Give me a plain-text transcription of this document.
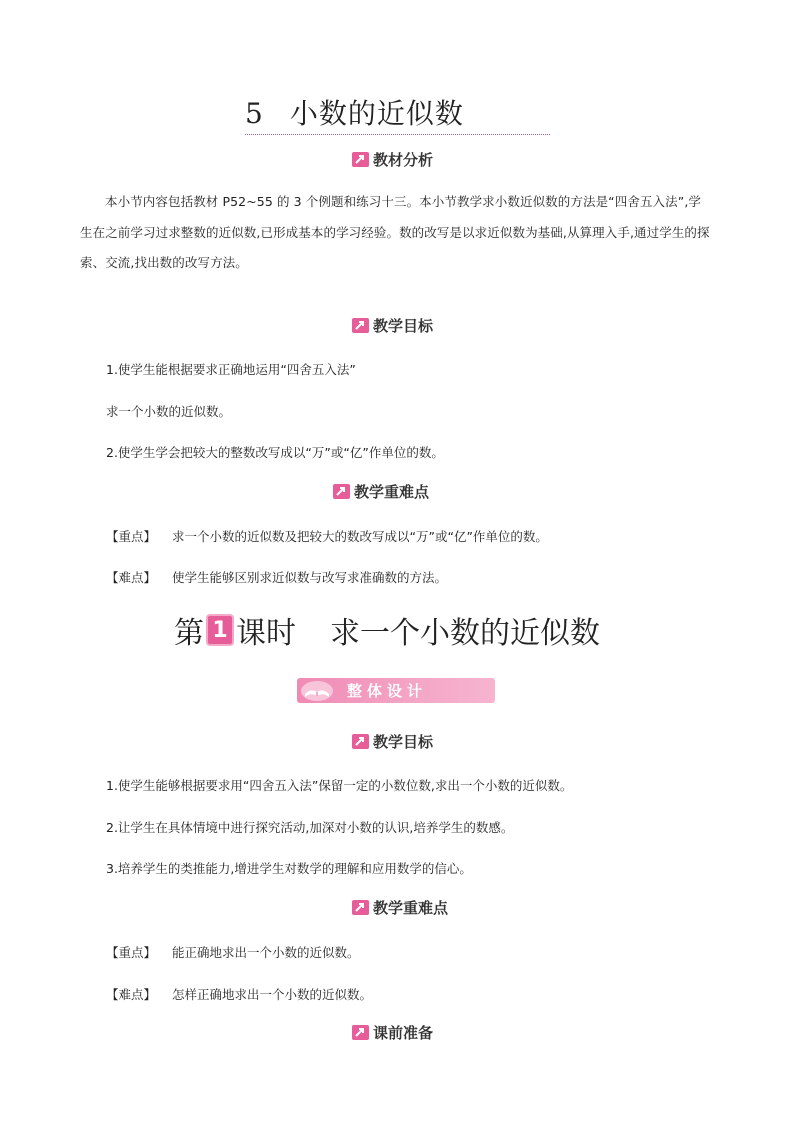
5 小数的近似数
教材分析
本小节内容包括教材 P52~55 的 3 个例题和练习十三。本小节教学求小数近似数的方法是“四舍五入法”,学生在之前学习过求整数的近似数,已形成基本的学习经验。数的改写是以求近似数为基础,从算理入手,通过学生的探索、交流,找出数的改写方法。
教学目标
1.使学生能根据要求正确地运用“四舍五入法”
求一个小数的近似数。
2.使学生学会把较大的整数改写成以“万”或“亿”作单位的数。
教学重难点
【重点】 求一个小数的近似数及把较大的数改写成以“万”或“亿”作单位的数。
【难点】 使学生能够区别求近似数与改写求准确数的方法。
第 1 课时 求一个小数的近似数
整体设计
教学目标
1.使学生能够根据要求用“四舍五入法”保留一定的小数位数,求出一个小数的近似数。
2.让学生在具体情境中进行探究活动,加深对小数的认识,培养学生的数感。
3.培养学生的类推能力,增进学生对数学的理解和应用数学的信心。
教学重难点
【重点】 能正确地求出一个小数的近似数。
【难点】 怎样正确地求出一个小数的近似数。
课前准备
